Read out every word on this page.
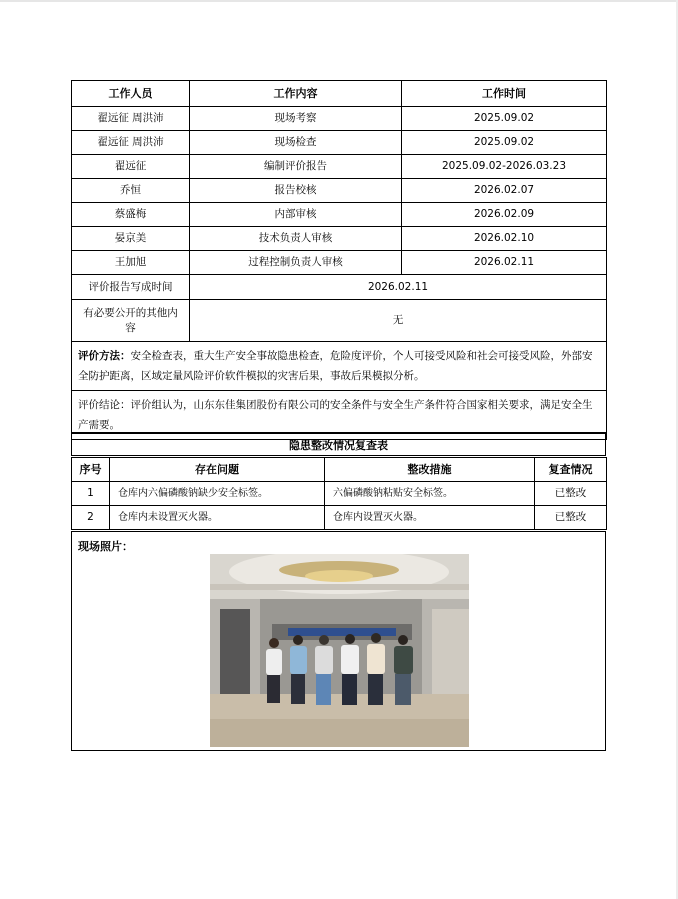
工作人员	工作内容	工作时间
翟远征 周洪沛	现场考察	2025.09.02
翟远征 周洪沛	现场检查	2025.09.02
翟远征	编制评价报告	2025.09.02-2026.03.23
乔恒	报告校核	2026.02.07
蔡盛梅	内部审核	2026.02.09
晏京美	技术负责人审核	2026.02.10
王加旭	过程控制负责人审核	2026.02.11
评价报告写成时间	2026.02.11	
有必要公开的其他内容	无	
评价方法：安全检查表，重大生产安全事故隐患检查，危险度评价，个人可接受风险和社会可接受风险，外部安全防护距离，区域定量风险评价软件模拟的灾害后果，事故后果模拟分析。		
评价结论：评价组认为，山东东佳集团股份有限公司的安全条件与安全生产条件符合国家相关要求，满足安全生产需要。		
隐患整改情况复查表
序号	存在问题	整改措施	复查情况
1	仓库内六偏磷酸钠缺少安全标签。	六偏磷酸钠粘贴安全标签。	已整改
2	仓库内未设置灭火器。	仓库内设置灭火器。	已整改
现场照片：
